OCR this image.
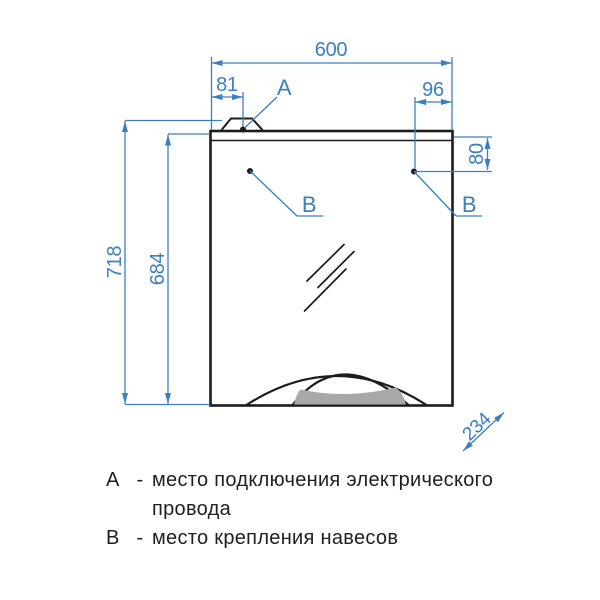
600
81	96
80
718 684
234
А
В	В
А - место подключения электрического
провода
В - место крепления навесов
